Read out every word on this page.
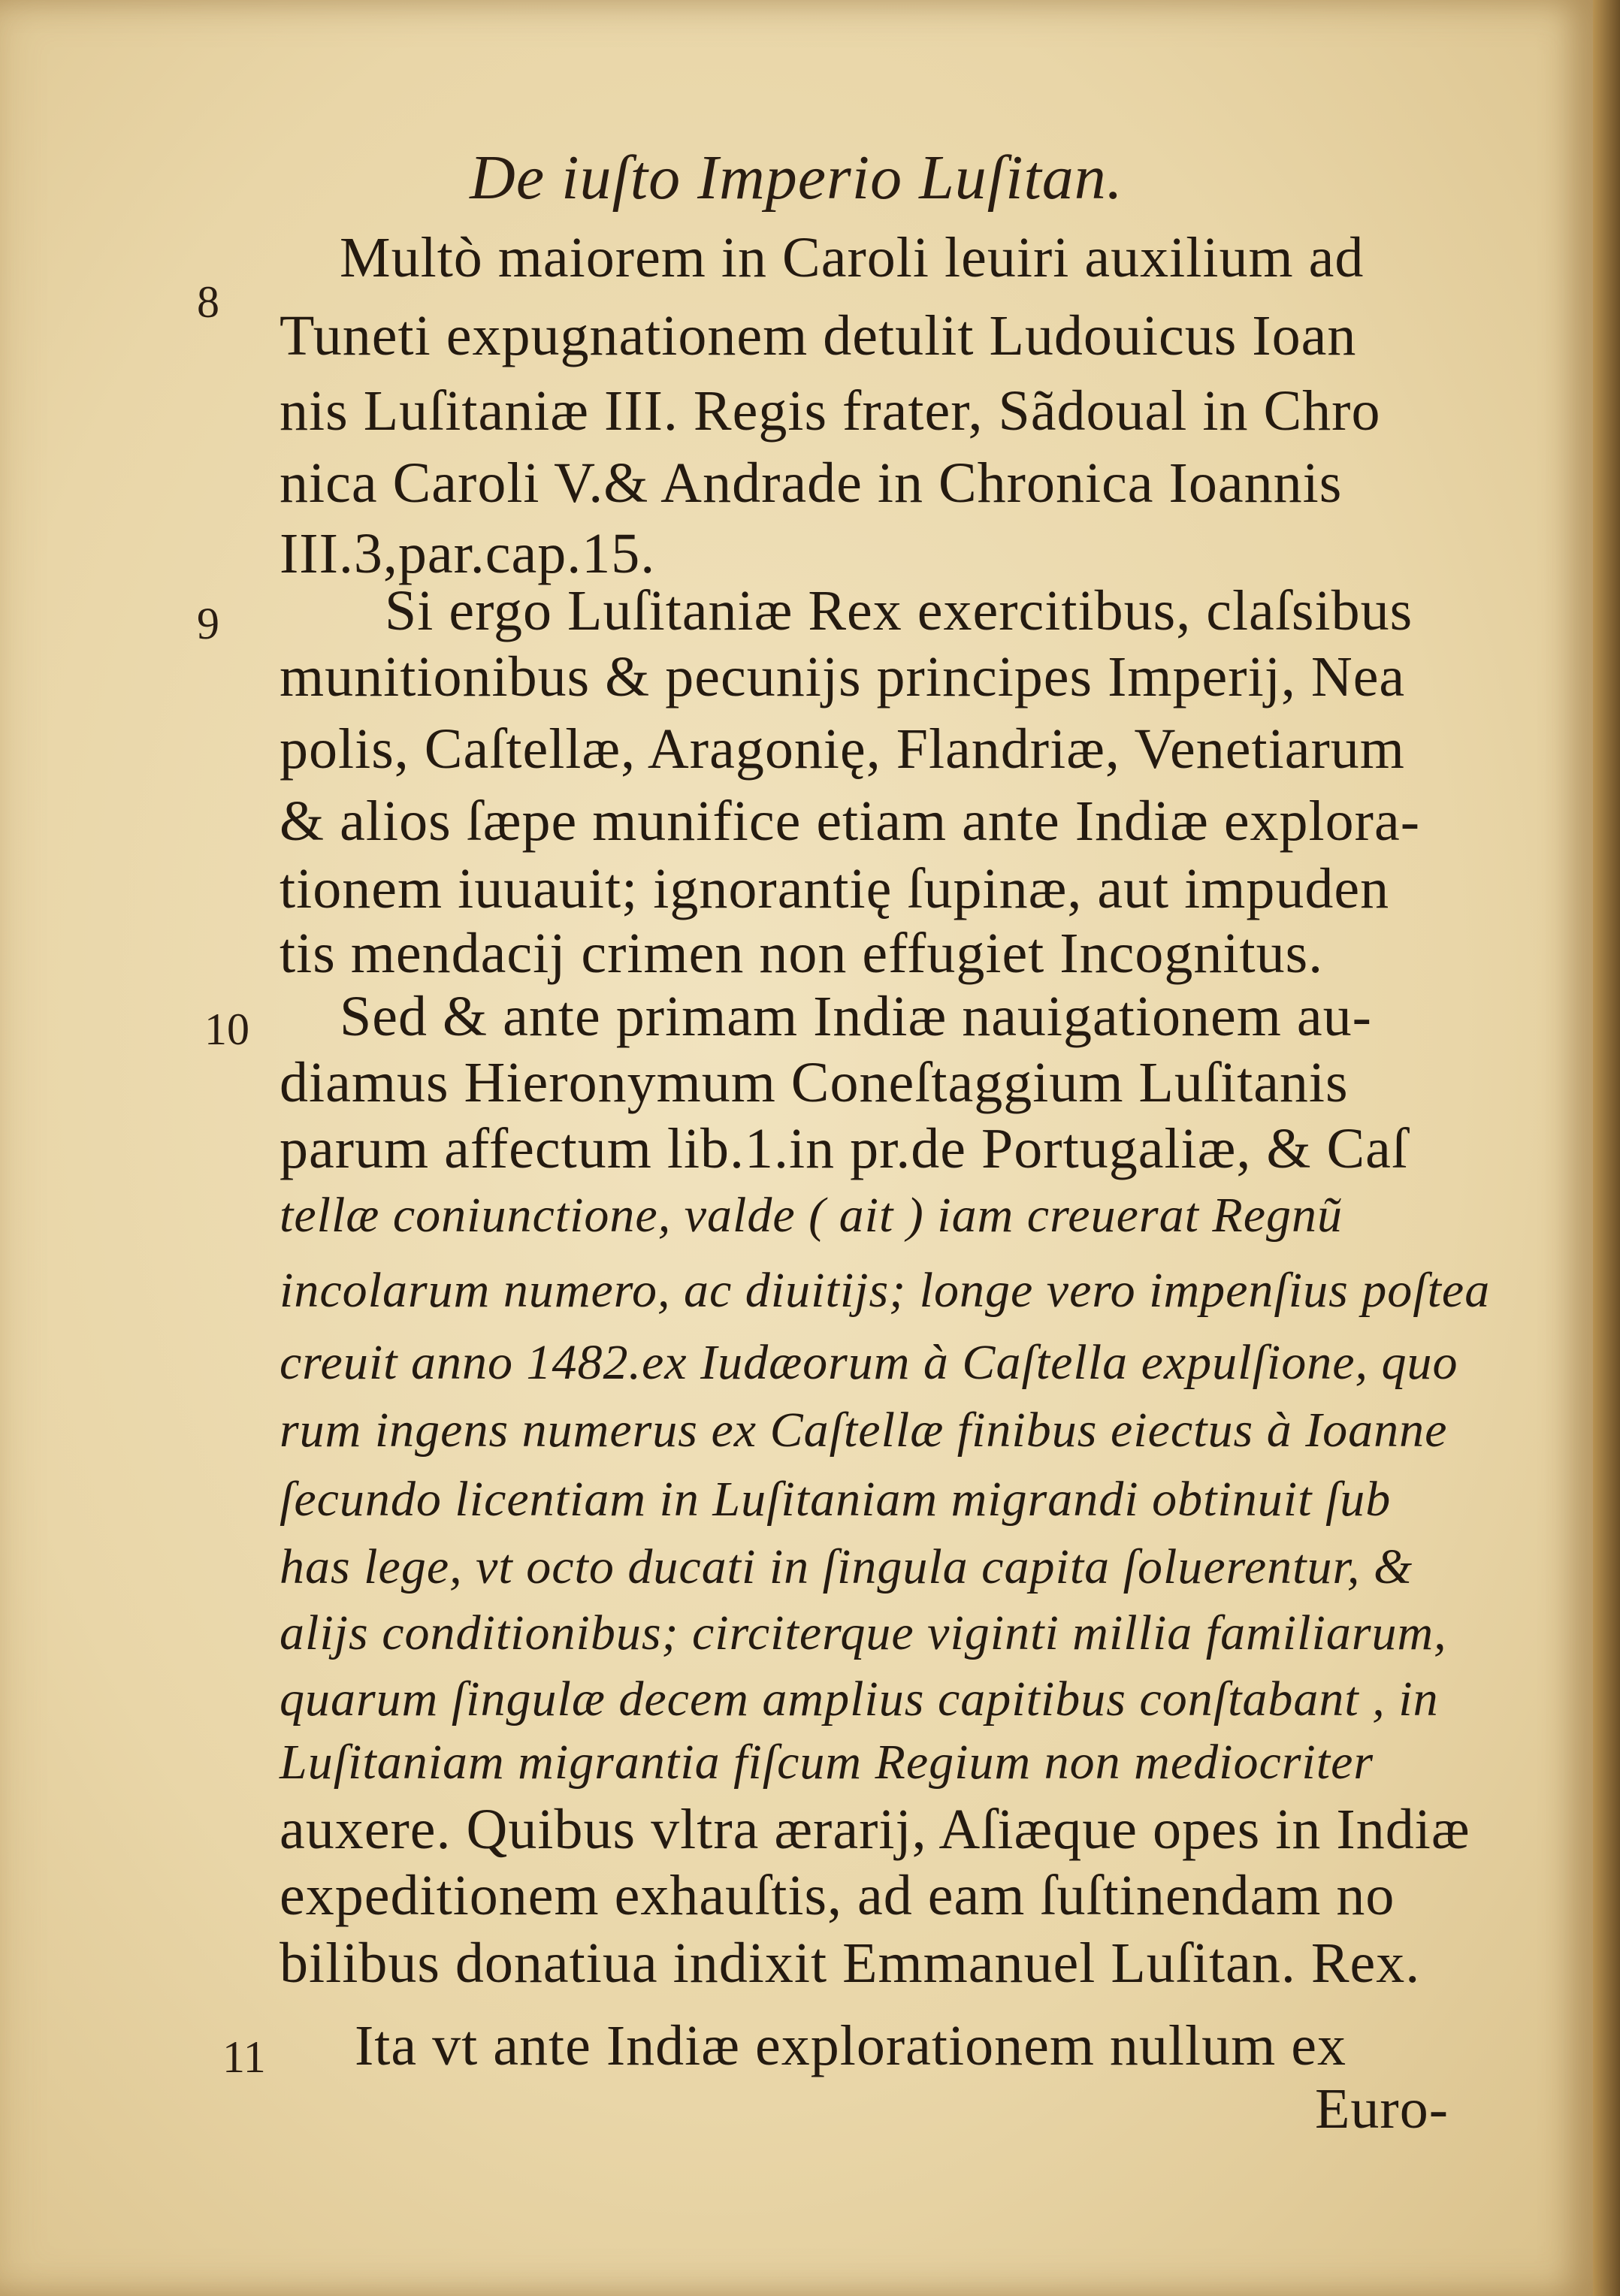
De iuſto Imperio Luſitan.
8
9
10
11
Multò maiorem in Caroli leuiri auxilium ad
Tuneti expugnationem detulit Ludouicus Ioan
nis Luſitaniæ III. Regis frater, Sãdoual in Chro
nica Caroli V.& Andrade in Chronica Ioannis
III.3,par.cap.15.
Si ergo Luſitaniæ Rex exercitibus, claſsibus
munitionibus & pecunijs principes Imperij, Nea
polis, Caſtellæ, Aragonię, Flandriæ, Venetiarum
& alios ſæpe munifice etiam ante Indiæ explora-
tionem iuuauit; ignorantię ſupinæ, aut impuden
tis mendacij crimen non effugiet Incognitus.
Sed & ante primam Indiæ nauigationem au-
diamus Hieronymum Coneſtaggium Luſitanis
parum affectum lib.1.in pr.de Portugaliæ, & Caſ
tellæ coniunctione, valde ( ait ) iam creuerat Regnũ
incolarum numero, ac diuitijs; longe vero impenſius poſtea
creuit anno 1482.ex Iudæorum à Caſtella expulſione, quo
rum ingens numerus ex Caſtellæ finibus eiectus à Ioanne
ſecundo licentiam in Luſitaniam migrandi obtinuit ſub
has lege, vt octo ducati in ſingula capita ſoluerentur, &
alijs conditionibus; circiterque viginti millia familiarum,
quarum ſingulæ decem amplius capitibus conſtabant , in
Luſitaniam migrantia fiſcum Regium non mediocriter
auxere. Quibus vltra ærarij, Aſiæque opes in Indiæ
expeditionem exhauſtis, ad eam ſuſtinendam no
bilibus donatiua indixit Emmanuel Luſitan. Rex.
Ita vt ante Indiæ explorationem nullum ex
Euro-
